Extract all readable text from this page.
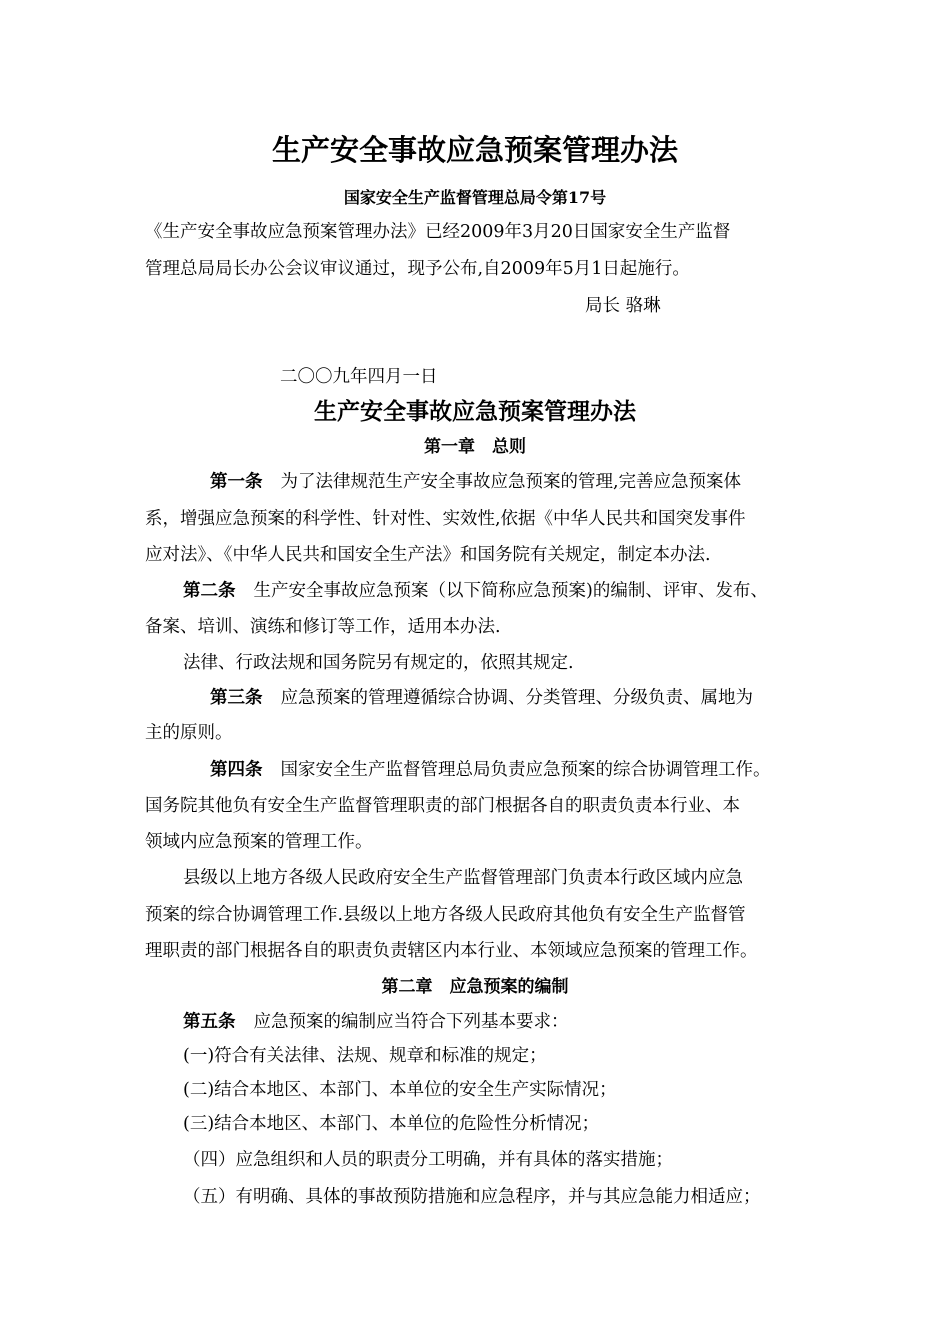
生产安全事故应急预案管理办法
国家安全生产监督管理总局令第17号
《生产安全事故应急预案管理办法》已经2009年3月20日国家安全生产监督
管理总局局长办公会议审议通过，现予公布,自2009年5月1日起施行。
局长 骆琳
二〇〇九年四月一日
生产安全事故应急预案管理办法
第一章　总则
第一条 为了法律规范生产安全事故应急预案的管理,完善应急预案体
系，增强应急预案的科学性、针对性、实效性,依据《中华人民共和国突发事件
应对法》、《中华人民共和国安全生产法》和国务院有关规定，制定本办法.
第二条 生产安全事故应急预案（以下简称应急预案)的编制、评审、发布、
备案、培训、演练和修订等工作，适用本办法.
法律、行政法规和国务院另有规定的，依照其规定.
第三条 应急预案的管理遵循综合协调、分类管理、分级负责、属地为
主的原则。
第四条 国家安全生产监督管理总局负责应急预案的综合协调管理工作。
国务院其他负有安全生产监督管理职责的部门根据各自的职责负责本行业、本
领域内应急预案的管理工作。
县级以上地方各级人民政府安全生产监督管理部门负责本行政区域内应急
预案的综合协调管理工作.县级以上地方各级人民政府其他负有安全生产监督管
理职责的部门根据各自的职责负责辖区内本行业、本领域应急预案的管理工作。
第二章　应急预案的编制
第五条 应急预案的编制应当符合下列基本要求：
(一)符合有关法律、法规、规章和标准的规定；
(二)结合本地区、本部门、本单位的安全生产实际情况；
(三)结合本地区、本部门、本单位的危险性分析情况；
（四）应急组织和人员的职责分工明确，并有具体的落实措施；
（五）有明确、具体的事故预防措施和应急程序，并与其应急能力相适应；
